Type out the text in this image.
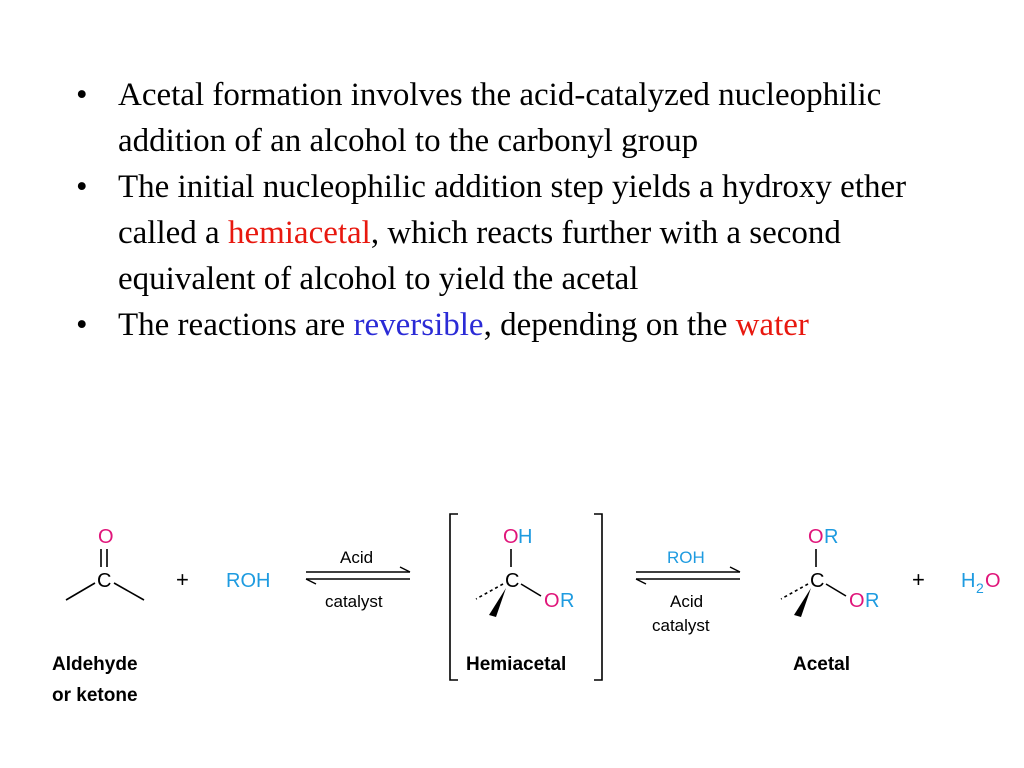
• Acetal formation involves the acid-catalyzed nucleophilic addition of an alcohol to the carbonyl group

• The initial nucleophilic addition step yields a hydroxy ether called a hemiacetal, which reacts further with a second equivalent of alcohol to yield the acetal

• The reactions are reversible, depending on the water

O
C
Aldehyde
or ketone
+ ROH
Acid
catalyst
O H
C
O R
Hemiacetal
ROH
Acid
catalyst
O R
C
O R
Acetal
+ H 2 O
